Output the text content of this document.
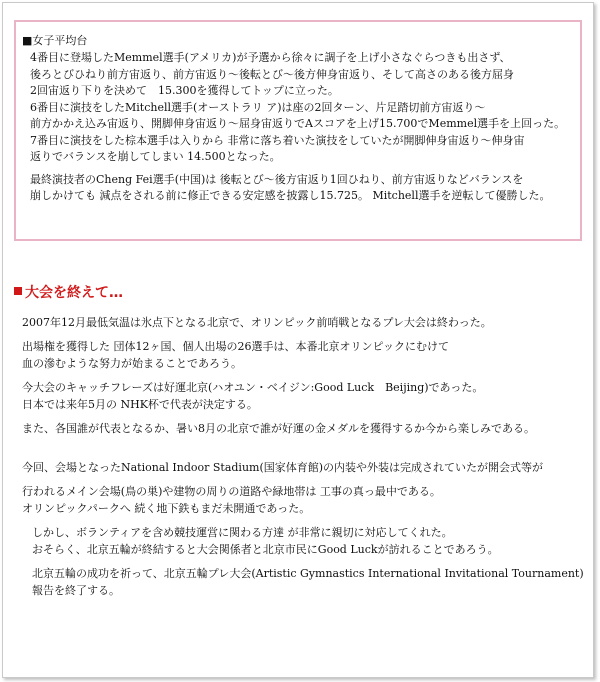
■女子平均台

4番目に登場したMemmel選手(アメリカ)が予選から徐々に調子を上げ小さなぐらつきも出さず、

後ろとびひねり前方宙返り、前方宙返り〜後転とび〜後方伸身宙返り、そして高さのある後方屈身

2回宙返り下りを決めて　15.300を獲得してトップに立った。

6番目に演技をしたMitchell選手(オーストラリ ア)は座の2回ターン、片足踏切前方宙返り〜

前方かかえ込み宙返り、開脚伸身宙返り〜屈身宙返りでAスコアを上げ15.700でMemmel選手を上回った。

7番目に演技をした棕本選手は入りから 非常に落ち着いた演技をしていたが開脚伸身宙返り〜伸身宙

返りでバランスを崩してしまい 14.500となった。

最終演技者のCheng Fei選手(中国)は 後転とび〜後方宙返り1回ひねり、前方宙返りなどバランスを

崩しかけても 減点をされる前に修正できる安定感を披露し15.725。 Mitchell選手を逆転して優勝した。

大会を終えて…

2007年12月最低気温は氷点下となる北京で、オリンピック前哨戦となるプレ大会は終わった。

出場権を獲得した 団体12ヶ国、個人出場の26選手は、本番北京オリンピックにむけて

血の滲むような努力が始まることであろう。

今大会のキャッチフレーズは好運北京(ハオユン・ベイジン:Good Luck　Beijing)であった。

日本では来年5月の NHK杯で代表が決定する。

また、各国誰が代表となるか、暑い8月の北京で誰が好運の金メダルを獲得するか今から楽しみである。

今回、会場となったNational Indoor Stadium(国家体育館)の内装や外装は完成されていたが開会式等が

行われるメイン会場(鳥の巣)や建物の周りの道路や緑地帯は 工事の真っ最中である。

オリンピックパークへ 続く地下鉄もまだ未開通であった。

しかし、ボランティアを含め競技運営に関わる方達 が非常に親切に対応してくれた。

おそらく、北京五輪が終結すると大会関係者と北京市民にGood Luckが訪れることであろう。

北京五輪の成功を祈って、北京五輪プレ大会(Artistic Gymnastics International Invitational Tournament)

報告を終了する。
